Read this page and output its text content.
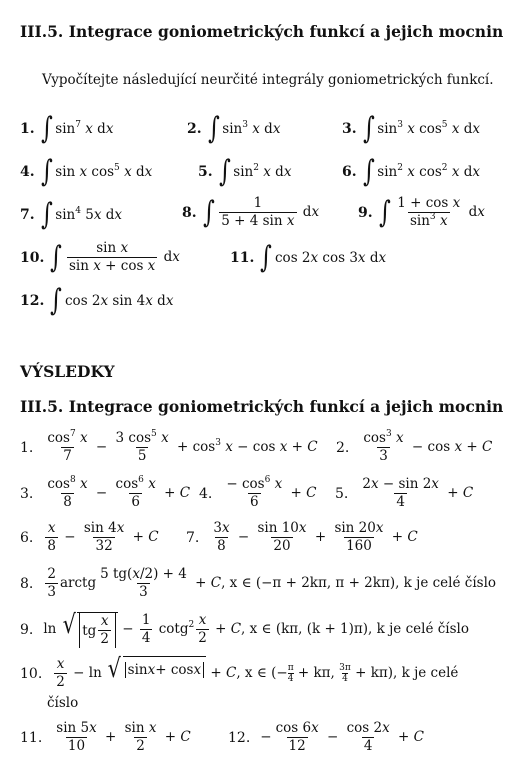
III.5. Integrace goniometrických funkcí a jejich mocnin
Vypočítejte následující neurčité integrály goniometrických funkcí.
1. ∫ $\sin^7 x$ dx	2. ∫ $\sin^3 x$ dx	3. ∫ $\sin^3 x$ $\cos^5 x$ dx
4. ∫ sin x $\cos^5 x$ dx	5. ∫ $\sin^2 x$ dx	6. ∫ $\sin^2 x$ $\cos^2 x$ dx
7. ∫ $\sin^4 5x$ dx	8. ∫ $\frac{1}{\text{5 + 4 sin x}}$ dx	9. ∫ $\frac{\text{1 + cos x}}{\sin^3 x}$ dx
10. ∫ $\frac{\text{sin x}}{\text{sin x + cos x}}$ dx	11. ∫ cos 2x cos 3x dx
12. ∫ cos 2x sin 4x dx
VÝSLEDKY
III.5. Integrace goniometrických funkcí a jejich mocnin
1. $\frac{\cos^7 x}{7} - \frac{3 \cos^5 x}{5} + \cos^3 x - \cos x + C$ 2. $\frac{\cos^3 x}{3} - \cos x + C$
3. $\frac{\cos^8 x}{8} - \frac{\cos^6 x}{6} + C$ 4. $\frac{- \cos^6 x}{6} + C$ 5. $\frac{2x - \sin 2x}{4} + C$
6. $\frac{x}{8} - \frac{\sin 4x}{32} + C$ 7. $\frac{3x}{8} - \frac{\sin 10x}{20} + \frac{\sin 20x}{160} + C$
8. $\frac{2}{3}$ arctg $\frac{5 tg(x/2) + 4}{3} + C$, x ∈ (−π + 2kπ, π + 2kπ), k je celé číslo
9. ln √ tg $\frac{x}{2} - \frac{1}{4} \cot g^2 \frac{x}{2} + C$, x ∈ (kπ, (k + 1)π), k je celé číslo
10. $\frac{x}{2} - \ln$ √ sin x + cos x + C, x ∈ (− $\frac{\pi}{4} + k\pi$, $\frac{3\pi}{4} + k\pi$), k je celé
číslo
11. $\frac{\sin 5x}{10} + \frac{\text{sin x}}{2} + C$	12. − $\frac{\cos 6x}{12} - \frac{\cos 2x}{4} + C$
